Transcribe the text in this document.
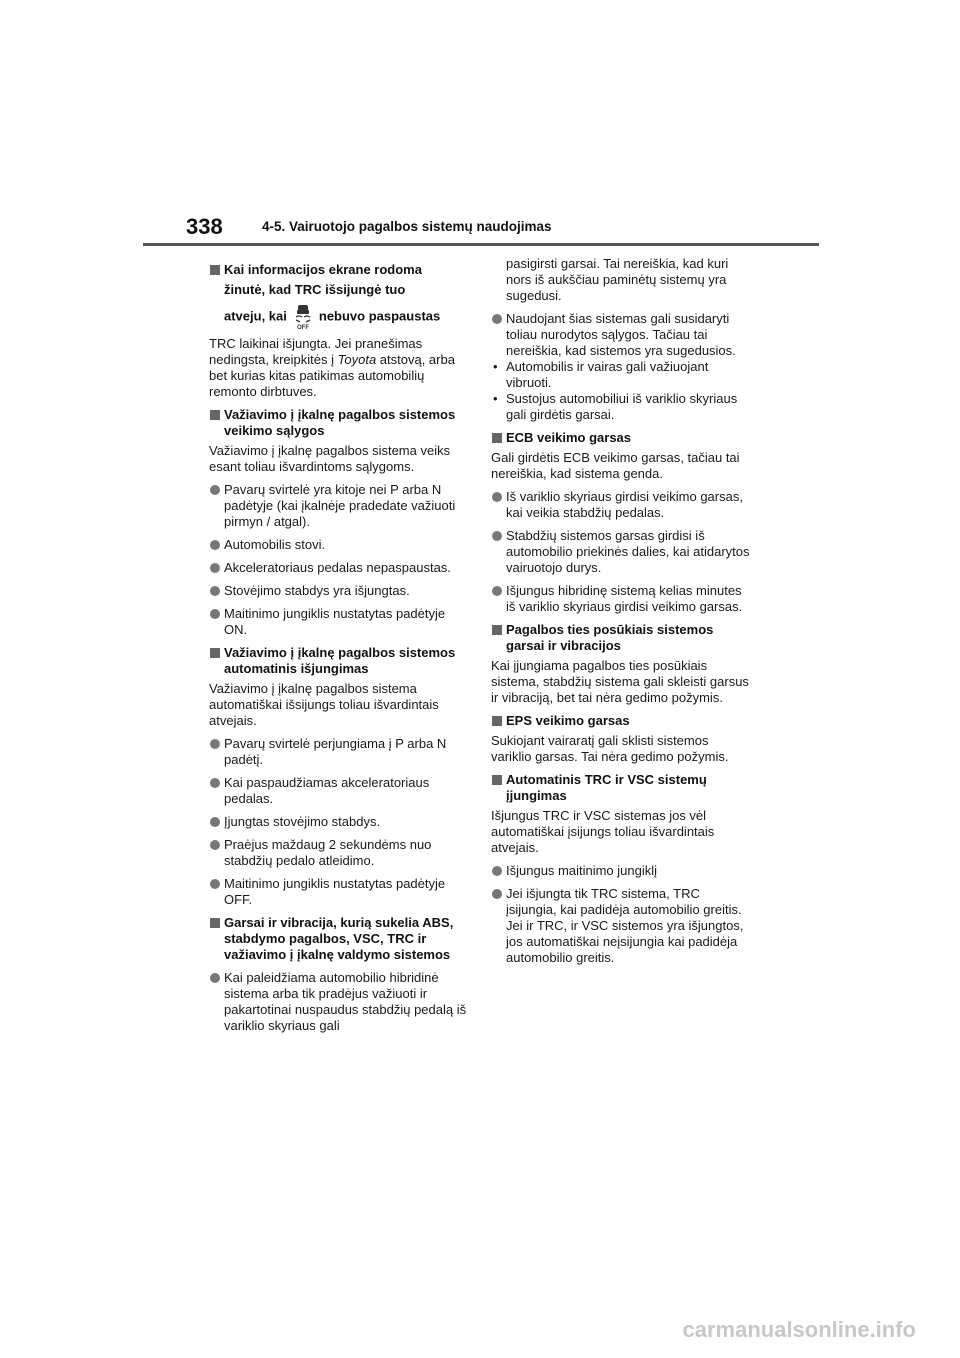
338	4-5. Vairuotojo pagalbos sistemų naudojimas
Kai informacijos ekrane rodoma
žinutė, kad TRC išsijungė tuo
atveju, kai
OFF
nebuvo paspaustas
TRC laikinai išjungta. Jei pranešimas nedingsta, kreipkitės į Toyota atstovą, arba bet kurias kitas patikimas automobilių remonto dirbtuves.
Važiavimo į įkalnę pagalbos sistemos veikimo sąlygos
Važiavimo į įkalnę pagalbos sistema veiks esant toliau išvardintoms sąlygoms.
Pavarų svirtelė yra kitoje nei P arba N padėtyje (kai įkalnėje pradedate važiuoti pirmyn / atgal).
Automobilis stovi.
Akceleratoriaus pedalas nepaspaustas.
Stovėjimo stabdys yra išjungtas.
Maitinimo jungiklis nustatytas padėtyje ON.
Važiavimo į įkalnę pagalbos sistemos automatinis išjungimas
Važiavimo į įkalnę pagalbos sistema automatiškai išsijungs toliau išvardintais atvejais.
Pavarų svirtelė perjungiama į P arba N padėtį.
Kai paspaudžiamas akceleratoriaus pedalas.
Įjungtas stovėjimo stabdys.
Praėjus maždaug 2 sekundėms nuo stabdžių pedalo atleidimo.
Maitinimo jungiklis nustatytas padėtyje OFF.
Garsai ir vibracija, kurią sukelia ABS, stabdymo pagalbos, VSC, TRC ir važiavimo į įkalnę valdymo sistemos
Kai paleidžiama automobilio hibridinė sistema arba tik pradėjus važiuoti ir pakartotinai nuspaudus stabdžių pedalą iš variklio skyriaus gali
pasigirsti garsai. Tai nereiškia, kad kuri nors iš aukščiau paminėtų sistemų yra sugedusi.
Naudojant šias sistemas gali susidaryti toliau nurodytos sąlygos. Tačiau tai nereiškia, kad sistemos yra sugedusios.
• Automobilis ir vairas gali važiuojant vibruoti.
• Sustojus automobiliui iš variklio skyriaus gali girdėtis garsai.
ECB veikimo garsas
Gali girdėtis ECB veikimo garsas, tačiau tai nereiškia, kad sistema genda.
Iš variklio skyriaus girdisi veikimo garsas, kai veikia stabdžių pedalas.
Stabdžių sistemos garsas girdisi iš automobilio priekinės dalies, kai atidarytos vairuotojo durys.
Išjungus hibridinę sistemą kelias minutes iš variklio skyriaus girdisi veikimo garsas.
Pagalbos ties posūkiais sistemos garsai ir vibracijos
Kai įjungiama pagalbos ties posūkiais sistema, stabdžių sistema gali skleisti garsus ir vibraciją, bet tai nėra gedimo požymis.
EPS veikimo garsas
Sukiojant vairaratį gali sklisti sistemos variklio garsas. Tai nėra gedimo požymis.
Automatinis TRC ir VSC sistemų įjungimas
Išjungus TRC ir VSC sistemas jos vėl automatiškai įsijungs toliau išvardintais atvejais.
Išjungus maitinimo jungiklį
Jei išjungta tik TRC sistema, TRC įsijungia, kai padidėja automobilio greitis.
Jei ir TRC, ir VSC sistemos yra išjungtos, jos automatiškai neįsijungia kai padidėja automobilio greitis.
carmanualsonline.info
